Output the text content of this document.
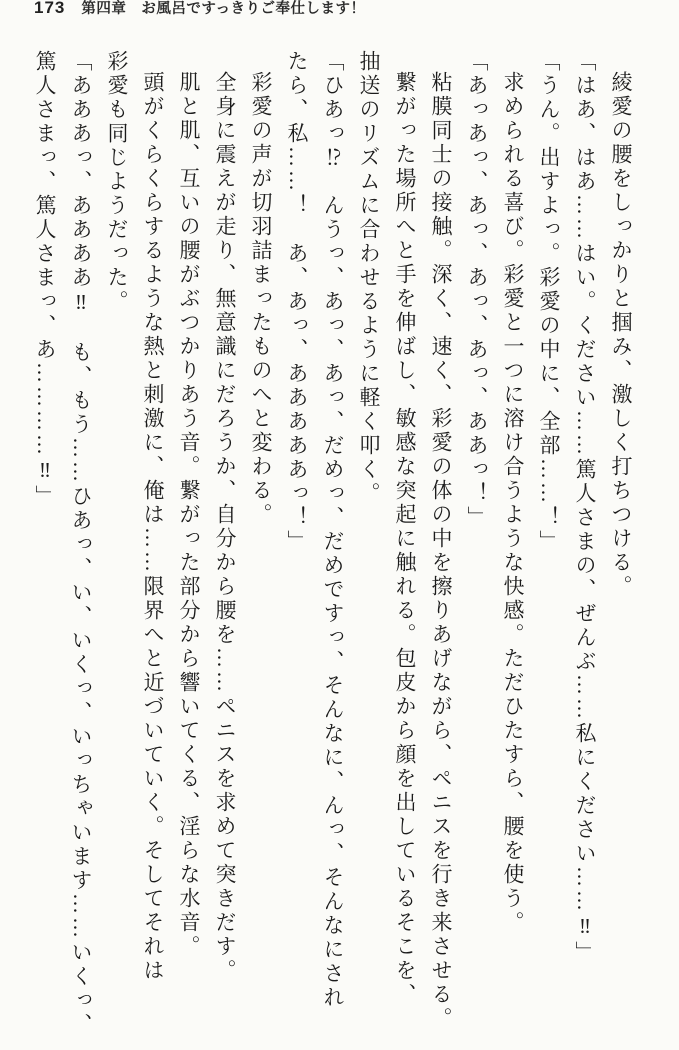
173 第四章　お風呂ですっきりご奉仕します！

綾愛の腰をしっかりと掴み、激しく打ちつける。

「はあ、はあ……はい。ください……篤人さまの、ぜんぶ……私にください……‼」

「うん。出すよっ。彩愛の中に、全部……！」

求められる喜び。彩愛と一つに溶け合うような快感。ただひたすら、腰を使う。

「あっあっ、あっ、あっ、あっ、ああっ！」

粘膜同士の接触。深く、速く、彩愛の体の中を擦りあげながら、ペニスを行き来させる。

繋がった場所へと手を伸ばし、敏感な突起に触れる。包皮から顔を出しているそこを、

抽送のリズムに合わせるように軽く叩く。

「ひあっ⁉　んうっ、あっ、あっ、だめっ、だめですっ、そんなに、んっ、そんなにされ

たら、私……！　あ、あっ、あああああっ！」

彩愛の声が切羽詰まったものへと変わる。

全身に震えが走り、無意識にだろうか、自分から腰を……ペニスを求めて突きだす。

肌と肌、互いの腰がぶつかりあう音。繋がった部分から響いてくる、淫らな水音。

頭がくらくらするような熱と刺激に、俺は……限界へと近づいていく。そしてそれは

彩愛も同じようだった。

「あああっ、ああああ‼　も、もう……ひあっ、い、いくっ、いっちゃいます……いくっ、

篤人さまっ、篤人さまっ、あ…………‼」
